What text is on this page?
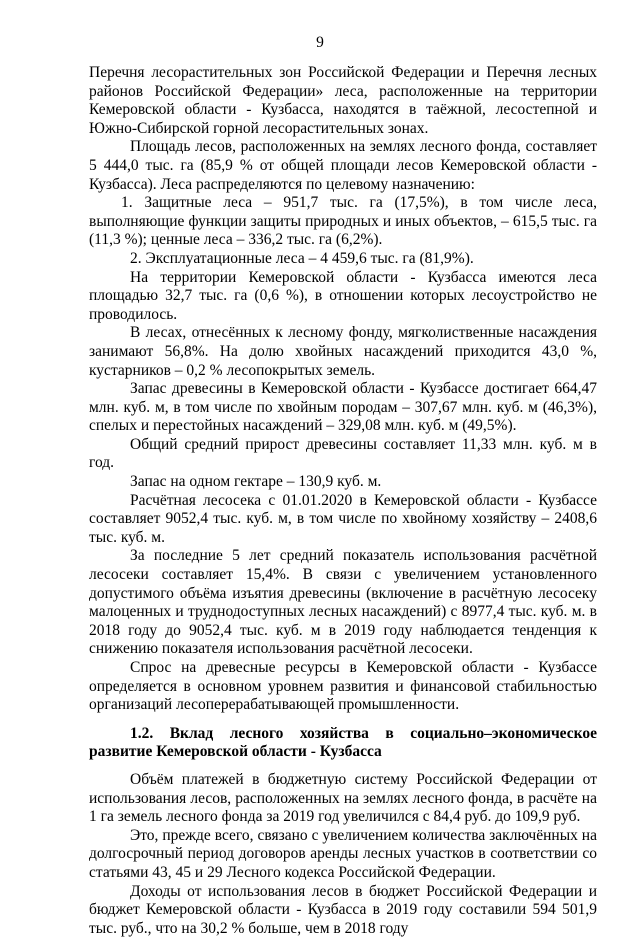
9

Перечня лесорастительных зон Российской Федерации и Перечня лесных районов Российской Федерации» леса, расположенные на территории Кемеровской области - Кузбасса, находятся в таёжной, лесостепной и Южно-Сибирской горной лесорастительных зонах.

Площадь лесов, расположенных на землях лесного фонда, составляет 5 444,0 тыс. га (85,9 % от общей площади лесов Кемеровской области - Кузбасса). Леса распределяются по целевому назначению:

1. Защитные леса – 951,7 тыс. га (17,5%), в том числе леса, выполняющие функции защиты природных и иных объектов, – 615,5 тыс. га (11,3 %); ценные леса – 336,2 тыс. га (6,2%).

2. Эксплуатационные леса – 4 459,6 тыс. га (81,9%).

На территории Кемеровской области - Кузбасса имеются леса площадью 32,7 тыс. га (0,6 %), в отношении которых лесоустройство не проводилось.

В лесах, отнесённых к лесному фонду, мягколиственные насаждения занимают 56,8%. На долю хвойных насаждений приходится 43,0 %, кустарников – 0,2 % лесопокрытых земель.

Запас древесины в Кемеровской области - Кузбассе достигает 664,47 млн. куб. м, в том числе по хвойным породам – 307,67 млн. куб. м (46,3%), спелых и перестойных насаждений – 329,08 млн. куб. м (49,5%).

Общий средний прирост древесины составляет 11,33 млн. куб. м в год.

Запас на одном гектаре – 130,9 куб. м.

Расчётная лесосека с 01.01.2020 в Кемеровской области - Кузбассе составляет 9052,4 тыс. куб. м, в том числе по хвойному хозяйству – 2408,6 тыс. куб. м.

За последние 5 лет средний показатель использования расчётной лесосеки составляет 15,4%. В связи с увеличением установленного допустимого объёма изъятия древесины (включение в расчётную лесосеку малоценных и труднодоступных лесных насаждений) с 8977,4 тыс. куб. м. в 2018 году до 9052,4 тыс. куб. м в 2019 году наблюдается тенденция к снижению показателя использования расчётной лесосеки.

Спрос на древесные ресурсы в Кемеровской области - Кузбассе определяется в основном уровнем развития и финансовой стабильностью организаций лесоперерабатывающей промышленности.

1.2. Вклад лесного хозяйства в социально–экономическое развитие Кемеровской области - Кузбасса

Объём платежей в бюджетную систему Российской Федерации от использования лесов, расположенных на землях лесного фонда, в расчёте на 1 га земель лесного фонда за 2019 год увеличился с 84,4 руб. до 109,9 руб.

Это, прежде всего, связано с увеличением количества заключённых на долгосрочный период договоров аренды лесных участков в соответствии со статьями 43, 45 и 29 Лесного кодекса Российской Федерации.

Доходы от использования лесов в бюджет Российской Федерации и бюджет Кемеровской области - Кузбасса в 2019 году составили 594 501,9 тыс. руб., что на 30,2 % больше, чем в 2018 году
